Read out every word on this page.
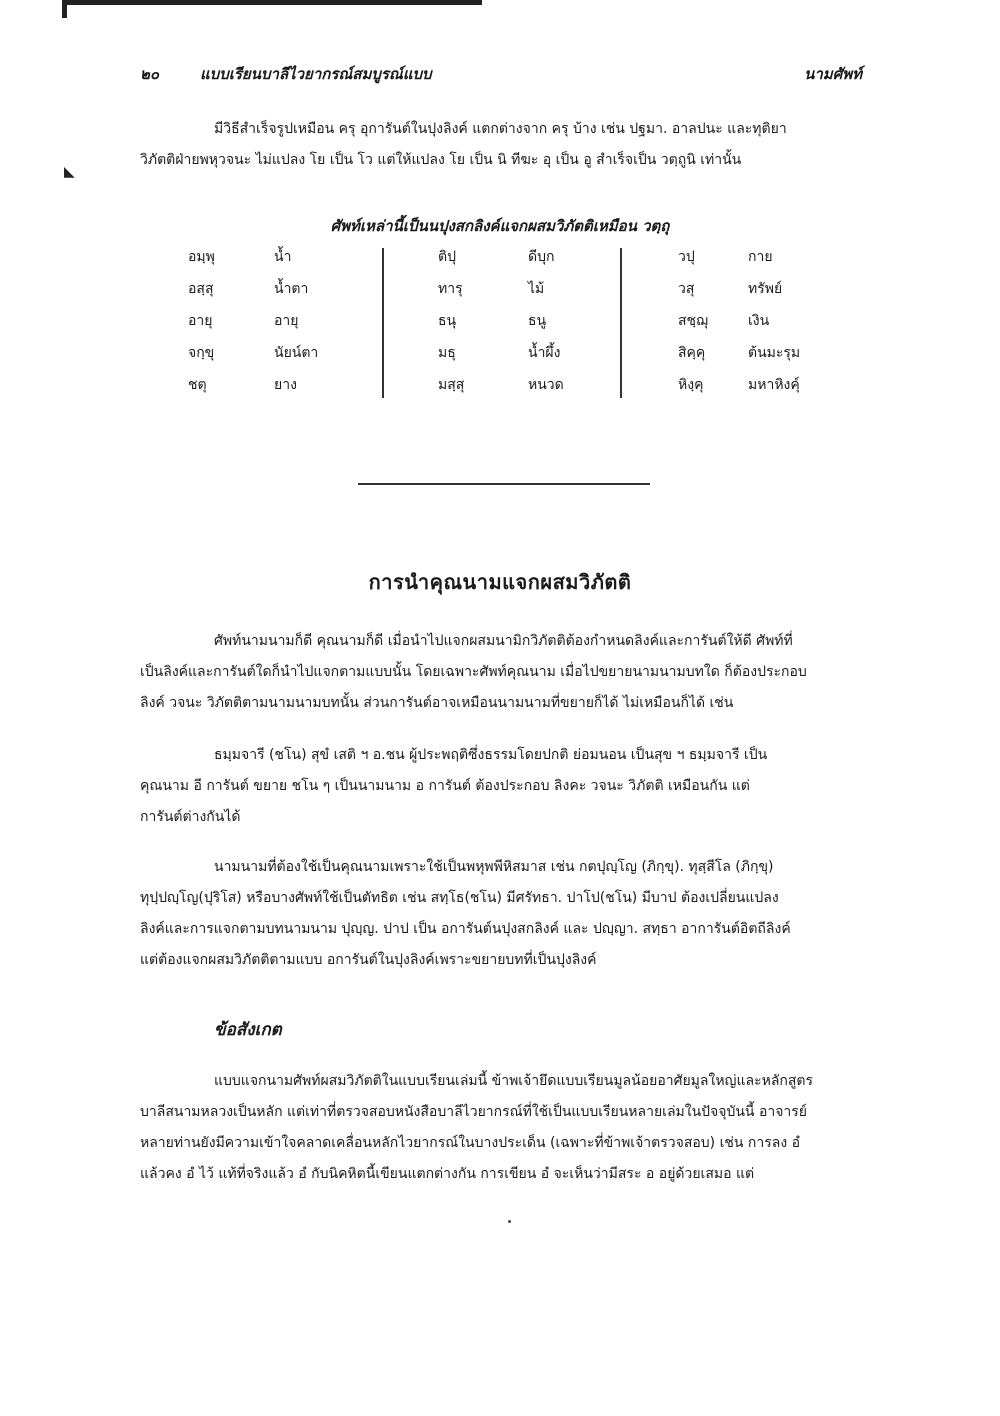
◣
๒๐	แบบเรียนบาลีไวยากรณ์สมบูรณ์แบบ	นามศัพท์
มีวิธีสำเร็จรูปเหมือน ครุ อุการันต์ในปุงลิงค์ แตกต่างจาก ครุ บ้าง เช่น ปฐมา. อาลปนะ และทุติยา
วิภัตติฝ่ายพหุวจนะ ไม่แปลง โย เป็น โว แต่ให้แปลง โย เป็น นิ ทีฆะ อุ เป็น อู สำเร็จเป็น วตฺถูนิ เท่านั้น
ศัพท์เหล่านี้เป็นนปุงสกลิงค์แจกผสมวิภัตติเหมือน วตฺถุ
อมฺพุ	น้ำ	ติปุ	ดีบุก	วปุ	กาย
อสฺสุ	น้ำตา	ทารุ	ไม้	วสุ	ทรัพย์
อายุ	อายุ	ธนุ	ธนู	สชฺฌุ	เงิน
จกฺขุ	นัยน์ตา	มธุ	น้ำผึ้ง	สิคฺคุ	ต้นมะรุม
ชตุ	ยาง	มสฺสุ	หนวด	หิงฺคุ	มหาหิงคุ์
การนำคุณนามแจกผสมวิภัตติ
ศัพท์นามนามก็ดี คุณนามก็ดี เมื่อนำไปแจกผสมนามิกวิภัตติต้องกำหนดลิงค์และการันต์ให้ดี ศัพท์ที่
เป็นลิงค์และการันต์ใดก็นำไปแจกตามแบบนั้น โดยเฉพาะศัพท์คุณนาม เมื่อไปขยายนามนามบทใด ก็ต้องประกอบ
ลิงค์ วจนะ วิภัตติตามนามนามบทนั้น ส่วนการันต์อาจเหมือนนามนามที่ขยายก็ได้ ไม่เหมือนก็ได้ เช่น
ธมฺมจารี (ชโน) สุขํ เสติ ฯ อ.ชน ผู้ประพฤติซึ่งธรรมโดยปกติ ย่อมนอน เป็นสุข ฯ ธมฺมจารี เป็น
คุณนาม อี การันต์ ขยาย ชโน ๆ เป็นนามนาม อ การันต์ ต้องประกอบ ลิงคะ วจนะ วิภัตติ เหมือนกัน แต่
การันต์ต่างกันได้
นามนามที่ต้องใช้เป็นคุณนามเพราะใช้เป็นพหุพพีหิสมาส เช่น กตปุญฺโญ (ภิกฺขุ). ทุสฺสีโล (ภิกฺขุ)
ทุปฺปญฺโญ(ปุริโส) หรือบางศัพท์ใช้เป็นตัทธิต เช่น สทฺโธ(ชโน) มีศรัทธา. ปาโป(ชโน) มีบาป ต้องเปลี่ยนแปลง
ลิงค์และการแจกตามบทนามนาม ปุญฺญ. ปาป เป็น อการันต์นปุงสกลิงค์ และ ปญฺญา. สทฺธา อาการันต์อิตถีลิงค์
แต่ต้องแจกผสมวิภัตติตามแบบ อการันต์ในปุงลิงค์เพราะขยายบทที่เป็นปุงลิงค์
ข้อสังเกต
แบบแจกนามศัพท์ผสมวิภัตติในแบบเรียนเล่มนี้ ข้าพเจ้ายึดแบบเรียนมูลน้อยอาศัยมูลใหญ่และหลักสูตร
บาลีสนามหลวงเป็นหลัก แต่เท่าที่ตรวจสอบหนังสือบาลีไวยากรณ์ที่ใช้เป็นแบบเรียนหลายเล่มในปัจจุบันนี้ อาจารย์
หลายท่านยังมีความเข้าใจคลาดเคลื่อนหลักไวยากรณ์ในบางประเด็น (เฉพาะที่ข้าพเจ้าตรวจสอบ) เช่น การลง อํ
แล้วคง อํ ไว้ แท้ที่จริงแล้ว อํ กับนิคหิตนี้เขียนแตกต่างกัน การเขียน อํ จะเห็นว่ามีสระ อ อยู่ด้วยเสมอ แต่
